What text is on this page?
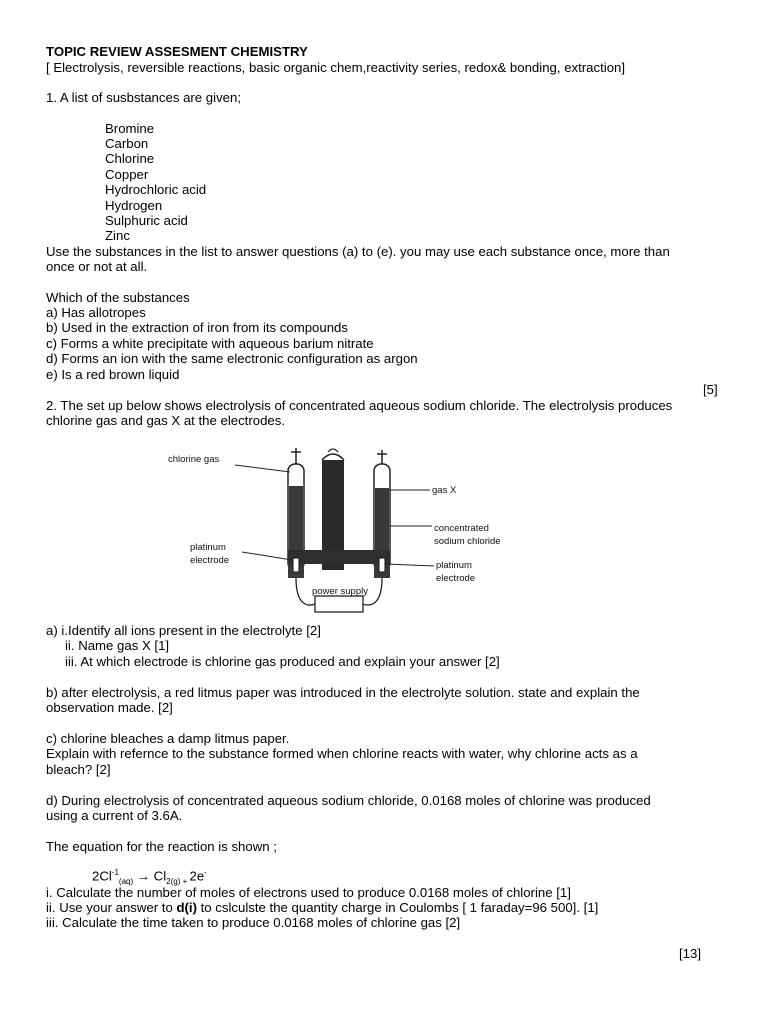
TOPIC REVIEW ASSESMENT CHEMISTRY
[ Electrolysis, reversible reactions, basic organic chem,reactivity series, redox& bonding, extraction]
1. A list of susbstances are given;
Bromine
Carbon
Chlorine
Copper
Hydrochloric acid
Hydrogen
Sulphuric acid
Zinc
Use the substances in the list to answer questions (a) to (e). you may use each substance once, more than
once or not at all.
Which of the substances
a) Has allotropes
b) Used in the extraction of iron from its compounds
c) Forms a white precipitate with aqueous barium nitrate
d) Forms an ion with the same electronic configuration as argon
e) Is a red brown liquid
[5]
2. The set up below shows electrolysis of concentrated aqueous sodium chloride. The electrolysis produces
chlorine gas and gas X at the electrodes.
power supply
chlorine gas
gas X
concentrated
sodium chloride
platinum
electrode	platinum
electrode
a) i.Identify all ions present in the electrolyte [2]
ii. Name gas X [1]
iii. At which electrode is chlorine gas produced and explain your answer [2]
b) after electrolysis, a red litmus paper was introduced in the electrolyte solution. state and explain the
observation made. [2]
c) chlorine bleaches a damp litmus paper.
Explain with refernce to the substance formed when chlorine reacts with water, why chlorine acts as a
bleach? [2]
d) During electrolysis of concentrated aqueous sodium chloride, 0.0168 moles of chlorine was produced
using a current of 3.6A.
The equation for the reaction is shown ;
$2Cl^{-1}_{(aq)} \to Cl_{2(g) +}$ 2e-
i. Calculate the number of moles of electrons used to produce 0.0168 moles of chlorine [1]
ii. Use your answer to d(i) to cslculste the quantity charge in Coulombs [ 1 faraday=96 500]. [1]
iii. Calculate the time taken to produce 0.0168 moles of chlorine gas [2]
[13]
